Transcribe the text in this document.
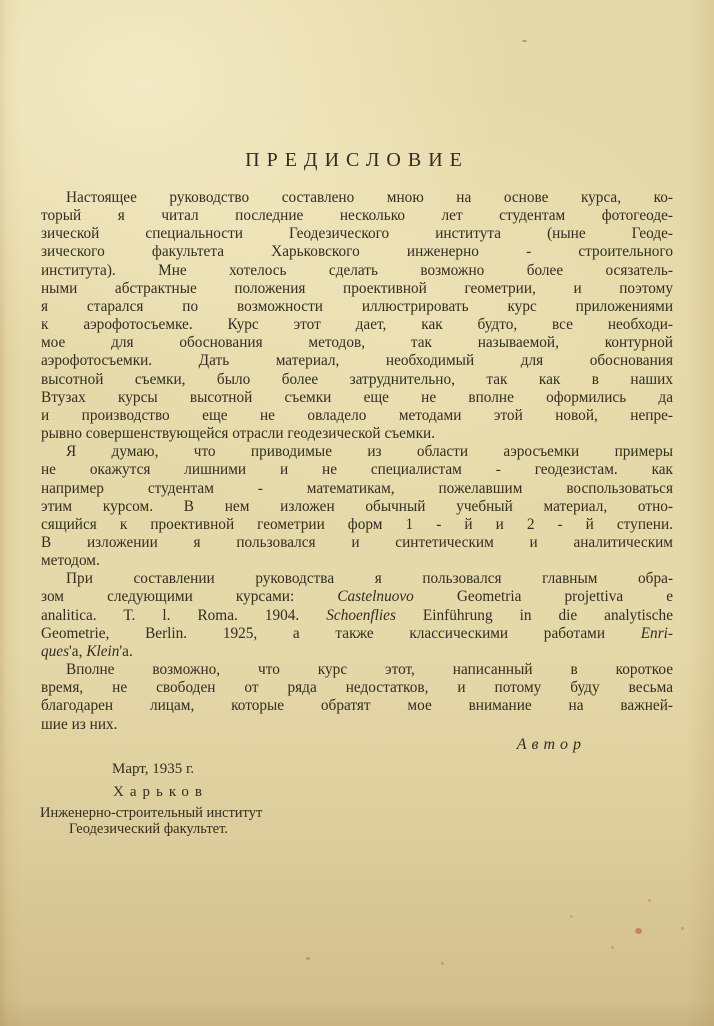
ПРЕДИСЛОВИЕ
Настоящее руководство составлено мною на основе курса, ко-
торый я читал последние несколько лет студентам фотогеоде-
зической специальности Геодезического института (ныне Геоде-
зического факультета Харьковского инженерно - строительного
института). Мне хотелось сделать возможно более осязатель-
ными абстрактные положения проективной геометрии, и поэтому
я старался по возможности иллюстрировать курс приложениями
к аэрофотосъемке. Курс этот дает, как будто, все необходи-
мое для обоснования методов, так называемой, контурной
аэрофотосъемки. Дать материал, необходимый для обоснования
высотной съемки, было более затруднительно, так как в наших
Втузах курсы высотной съемки еще не вполне оформились да
и производство еще не овладело методами этой новой, непре-
рывно совершенствующейся отрасли геодезической съемки.
Я думаю, что приводимые из области аэросъемки примеры
не окажутся лишними и не специалистам - геодезистам. как
например студентам - математикам, пожелавшим воспользоваться
этим курсом. В нем изложен обычный учебный материал, отно-
сящийся к проективной геометрии форм 1 - й и 2 - й ступени.
В изложении я пользовался и синтетическим и аналитическим
методом.
При составлении руководства я пользовался главным обра-
зом следующими курсами: Castelnuovo Geometria projettiva e
analitica. T. l. Roma. 1904. Schoenflies Einführung in die analytische
Geometrie, Berlin. 1925, а также классическими работами Enri-
ques'а, Klein'а.
Вполне возможно, что курс этот, написанный в короткое
время, не свободен от ряда недостатков, и потому буду весьма
благодарен лицам, которые обратят мое внимание на важней-
шие из них.
Автор
Март, 1935 г.
Харьков
Инженерно-строительный институт
Геодезический факультет.
